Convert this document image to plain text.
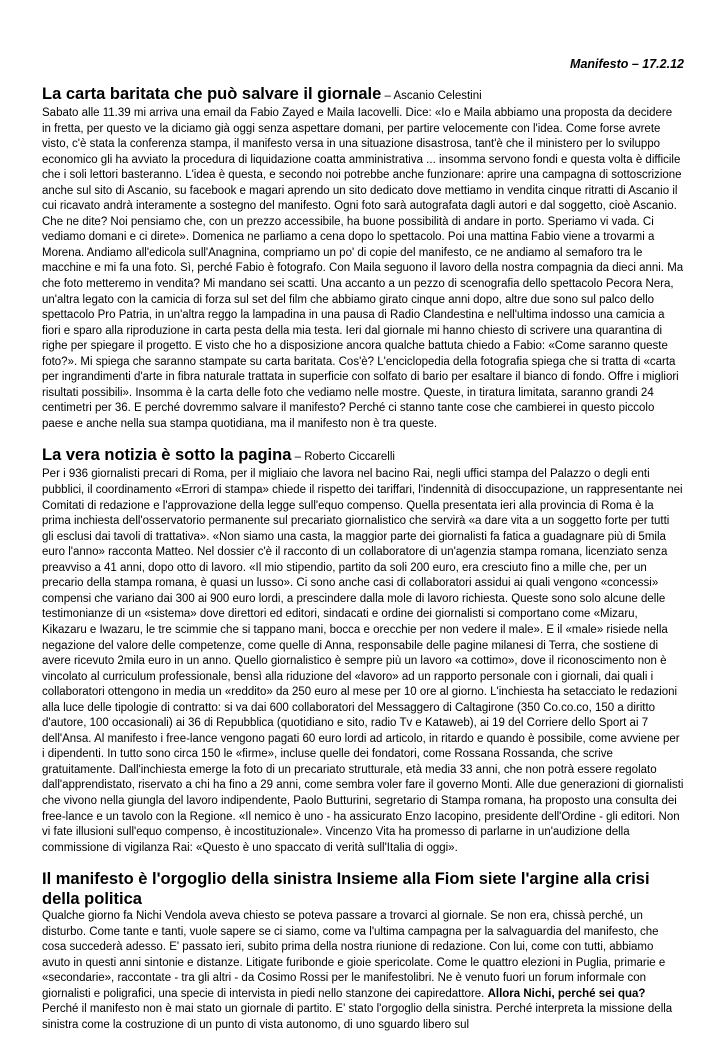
Manifesto – 17.2.12

La carta baritata che può salvare il giornale – Ascanio Celestini

Sabato alle 11.39 mi arriva una email da Fabio Zayed e Maila Iacovelli. Dice: «Io e Maila abbiamo una proposta da decidere in fretta, per questo ve la diciamo già oggi senza aspettare domani, per partire velocemente con l'idea. Come forse avrete visto, c'è stata la conferenza stampa, il manifesto versa in una situazione disastrosa, tant'è che il ministero per lo sviluppo economico gli ha avviato la procedura di liquidazione coatta amministrativa ... insomma servono fondi e questa volta è difficile che i soli lettori basteranno. L'idea è questa, e secondo noi potrebbe anche funzionare: aprire una campagna di sottoscrizione anche sul sito di Ascanio, su facebook e magari aprendo un sito dedicato dove mettiamo in vendita cinque ritratti di Ascanio il cui ricavato andrà interamente a sostegno del manifesto. Ogni foto sarà autografata dagli autori e dal soggetto, cioè Ascanio. Che ne dite? Noi pensiamo che, con un prezzo accessibile, ha buone possibilità di andare in porto. Speriamo vi vada. Ci vediamo domani e ci direte». Domenica ne parliamo a cena dopo lo spettacolo. Poi una mattina Fabio viene a trovarmi a Morena. Andiamo all'edicola sull'Anagnina, compriamo un po' di copie del manifesto, ce ne andiamo al semaforo tra le macchine e mi fa una foto. Sì, perché Fabio è fotografo. Con Maila seguono il lavoro della nostra compagnia da dieci anni. Ma che foto metteremo in vendita? Mi mandano sei scatti. Una accanto a un pezzo di scenografia dello spettacolo Pecora Nera, un'altra legato con la camicia di forza sul set del film che abbiamo girato cinque anni dopo, altre due sono sul palco dello spettacolo Pro Patria, in un'altra reggo la lampadina in una pausa di Radio Clandestina e nell'ultima indosso una camicia a fiori e sparo alla riproduzione in carta pesta della mia testa. Ieri dal giornale mi hanno chiesto di scrivere una quarantina di righe per spiegare il progetto. E visto che ho a disposizione ancora qualche battuta chiedo a Fabio: «Come saranno queste foto?». Mi spiega che saranno stampate su carta baritata. Cos'è? L'enciclopedia della fotografia spiega che si tratta di «carta per ingrandimenti d'arte in fibra naturale trattata in superficie con solfato di bario per esaltare il bianco di fondo. Offre i migliori risultati possibili». Insomma è la carta delle foto che vediamo nelle mostre. Queste, in tiratura limitata, saranno grandi 24 centimetri per 36. E perché dovremmo salvare il manifesto? Perché ci stanno tante cose che cambierei in questo piccolo paese e anche nella sua stampa quotidiana, ma il manifesto non è tra queste.

La vera notizia è sotto la pagina – Roberto Ciccarelli

Per i 936 giornalisti precari di Roma, per il migliaio che lavora nel bacino Rai, negli uffici stampa del Palazzo o degli enti pubblici, il coordinamento «Errori di stampa» chiede il rispetto dei tariffari, l'indennità di disoccupazione, un rappresentante nei Comitati di redazione e l'approvazione della legge sull'equo compenso. Quella presentata ieri alla provincia di Roma è la prima inchiesta dell'osservatorio permanente sul precariato giornalistico che servirà «a dare vita a un soggetto forte per tutti gli esclusi dai tavoli di trattativa». «Non siamo una casta, la maggior parte dei giornalisti fa fatica a guadagnare più di 5mila euro l'anno» racconta Matteo. Nel dossier c'è il racconto di un collaboratore di un'agenzia stampa romana, licenziato senza preavviso a 41 anni, dopo otto di lavoro. «Il mio stipendio, partito da soli 200 euro, era cresciuto fino a mille che, per un precario della stampa romana, è quasi un lusso». Ci sono anche casi di collaboratori assidui ai quali vengono «concessi» compensi che variano dai 300 ai 900 euro lordi, a prescindere dalla mole di lavoro richiesta. Queste sono solo alcune delle testimonianze di un «sistema» dove direttori ed editori, sindacati e ordine dei giornalisti si comportano come «Mizaru, Kikazaru e Iwazaru, le tre scimmie che si tappano mani, bocca e orecchie per non vedere il male». E il «male» risiede nella negazione del valore delle competenze, come quelle di Anna, responsabile delle pagine milanesi di Terra, che sostiene di avere ricevuto 2mila euro in un anno. Quello giornalistico è sempre più un lavoro «a cottimo», dove il riconoscimento non è vincolato al curriculum professionale, bensì alla riduzione del «lavoro» ad un rapporto personale con i giornali, dai quali i collaboratori ottengono in media un «reddito» da 250 euro al mese per 10 ore al giorno. L'inchiesta ha setacciato le redazioni alla luce delle tipologie di contratto: si va dai 600 collaboratori del Messaggero di Caltagirone (350 Co.co.co, 150 a diritto d'autore, 100 occasionali) ai 36 di Repubblica (quotidiano e sito, radio Tv e Kataweb), ai 19 del Corriere dello Sport ai 7 dell'Ansa. Al manifesto i free-lance vengono pagati 60 euro lordi ad articolo, in ritardo e quando è possibile, come avviene per i dipendenti. In tutto sono circa 150 le «firme», incluse quelle dei fondatori, come Rossana Rossanda, che scrive gratuitamente. Dall'inchiesta emerge la foto di un precariato strutturale, età media 33 anni, che non potrà essere regolato dall'apprendistato, riservato a chi ha fino a 29 anni, come sembra voler fare il governo Monti. Alle due generazioni di giornalisti che vivono nella giungla del lavoro indipendente, Paolo Butturini, segretario di Stampa romana, ha proposto una consulta dei free-lance e un tavolo con la Regione. «Il nemico è uno - ha assicurato Enzo Iacopino, presidente dell'Ordine - gli editori. Non vi fate illusioni sull'equo compenso, è incostituzionale». Vincenzo Vita ha promesso di parlarne in un'audizione della commissione di vigilanza Rai: «Questo è uno spaccato di verità sull'Italia di oggi».

Il manifesto è l'orgoglio della sinistra Insieme alla Fiom siete l'argine alla crisi della politica

Qualche giorno fa Nichi Vendola aveva chiesto se poteva passare a trovarci al giornale. Se non era, chissà perché, un disturbo. Come tante e tanti, vuole sapere se ci siamo, come va l'ultima campagna per la salvaguardia del manifesto, che cosa succederà adesso. E' passato ieri, subito prima della nostra riunione di redazione. Con lui, come con tutti, abbiamo avuto in questi anni sintonie e distanze. Litigate furibonde e gioie spericolate. Come le quattro elezioni in Puglia, primarie e «secondarie», raccontate - tra gli altri - da Cosimo Rossi per le manifestolibri. Ne è venuto fuori un forum informale con giornalisti e poligrafici, una specie di intervista in piedi nello stanzone dei capiredattore. Allora Nichi, perché sei qua? Perché il manifesto non è mai stato un giornale di partito. E' stato l'orgoglio della sinistra. Perché interpreta la missione della sinistra come la costruzione di un punto di vista autonomo, di uno sguardo libero sul
